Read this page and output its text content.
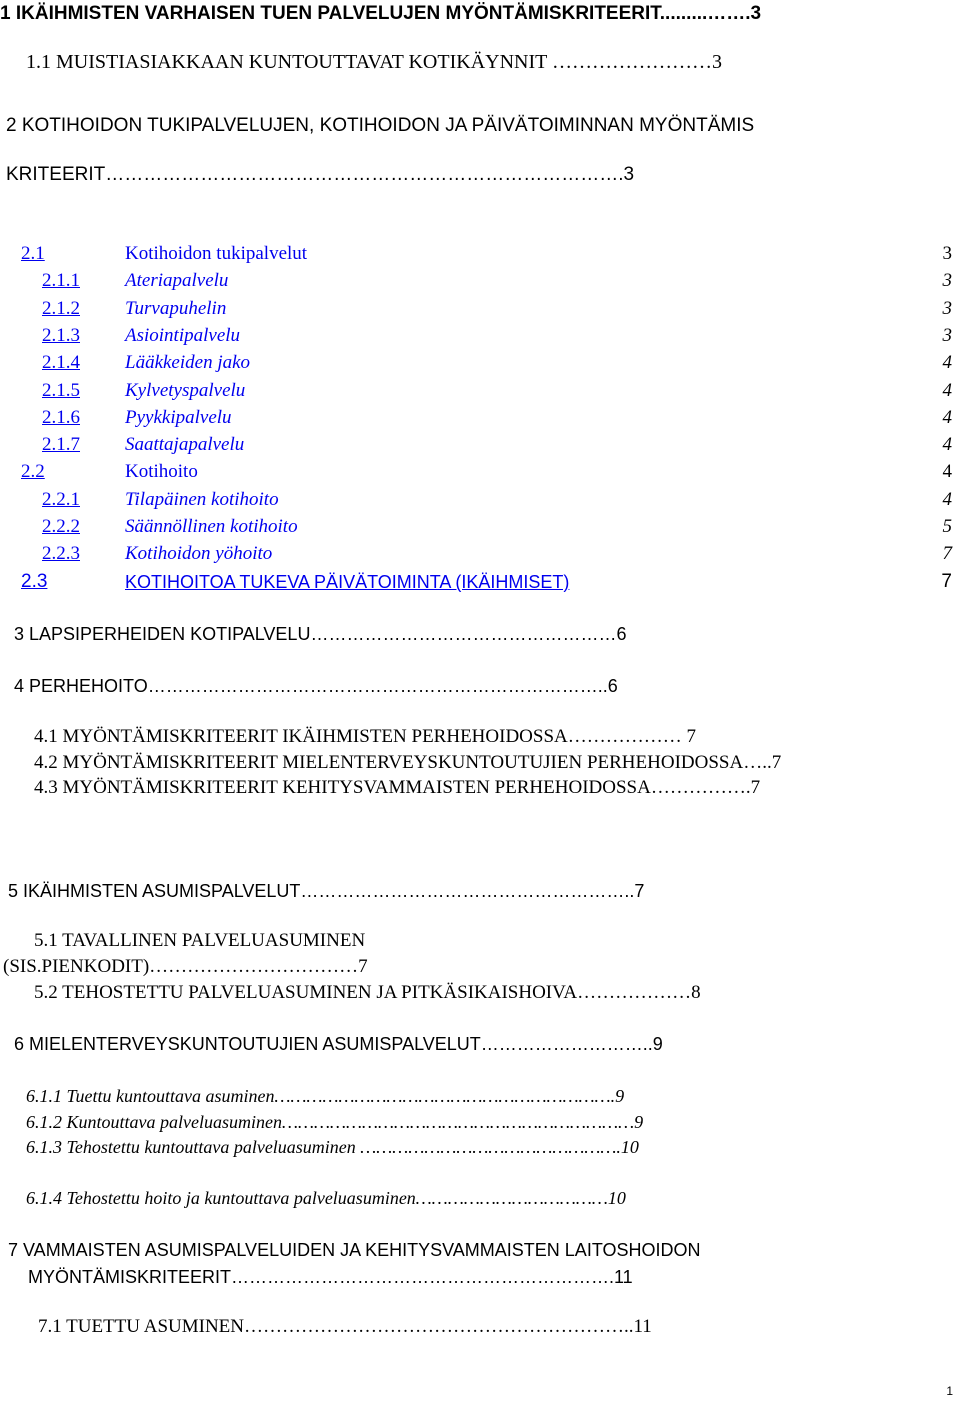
1 IKÄIHMISTEN VARHAISEN TUEN PALVELUJEN MYÖNTÄMISKRITEERIT.........…….3
1.1 MUISTIASIAKKAAN KUNTOUTTAVAT KOTIKÄYNNIT ……………………3
2 KOTIHOIDON TUKIPALVELUJEN, KOTIHOIDON JA PÄIVÄTOIMINNAN MYÖNTÄMIS
KRITEERIT……………………………………………………………………….3
2.1	Kotihoidon tukipalvelut	3
2.1.1 Ateriapalvelu	3
2.1.2 Turvapuhelin	3
2.1.3 Asiointipalvelu	3
2.1.4 Lääkkeiden jako	4
2.1.5 Kylvetyspalvelu	4
2.1.6 Pyykkipalvelu	4
2.1.7 Saattajapalvelu	4
2.2	Kotihoito	4
2.2.1 Tilapäinen kotihoito	4
2.2.2 Säännöllinen kotihoito	5
2.2.3 Kotihoidon yöhoito	7
2.3	KOTIHOITOA TUKEVA PÄIVÄTOIMINTA (IKÄIHMISET)	7
3 LAPSIPERHEIDEN KOTIPALVELU……………………………………………6
4 PERHEHOITO…………………………………………………………………..6
4.1 MYÖNTÄMISKRITEERIT IKÄIHMISTEN PERHEHOIDOSSA……………… 7
4.2 MYÖNTÄMISKRITEERIT MIELENTERVEYSKUNTOUTUJIEN PERHEHOIDOSSA…..7
4.3 MYÖNTÄMISKRITEERIT KEHITYSVAMMAISTEN PERHEHOIDOSSA…………….7
5 IKÄIHMISTEN ASUMISPALVELUT………………………………………………..7
5.1 TAVALLINEN PALVELUASUMINEN
(SIS.PIENKODIT)……………………………7
5.2 TEHOSTETTU PALVELUASUMINEN JA PITKÄSIKAISHOIVA………………8
6 MIELENTERVEYSKUNTOUTUJIEN ASUMISPALVELUT………………………..9
6.1.1 Tuettu kuntouttava asuminen……………………………………………………….9
6.1.2 Kuntouttava palveluasuminen…………………………………………………………9
6.1.3 Tehostettu kuntouttava palveluasuminen ………………………………………….10
6.1.4 Tehostettu hoito ja kuntouttava palveluasuminen………………………………10
7 VAMMAISTEN ASUMISPALVELUIDEN JA KEHITYSVAMMAISTEN LAITOSHOIDON
MYÖNTÄMISKRITEERIT……………………………………………………….11
7.1 TUETTU ASUMINEN……………………………………………………..11
1
